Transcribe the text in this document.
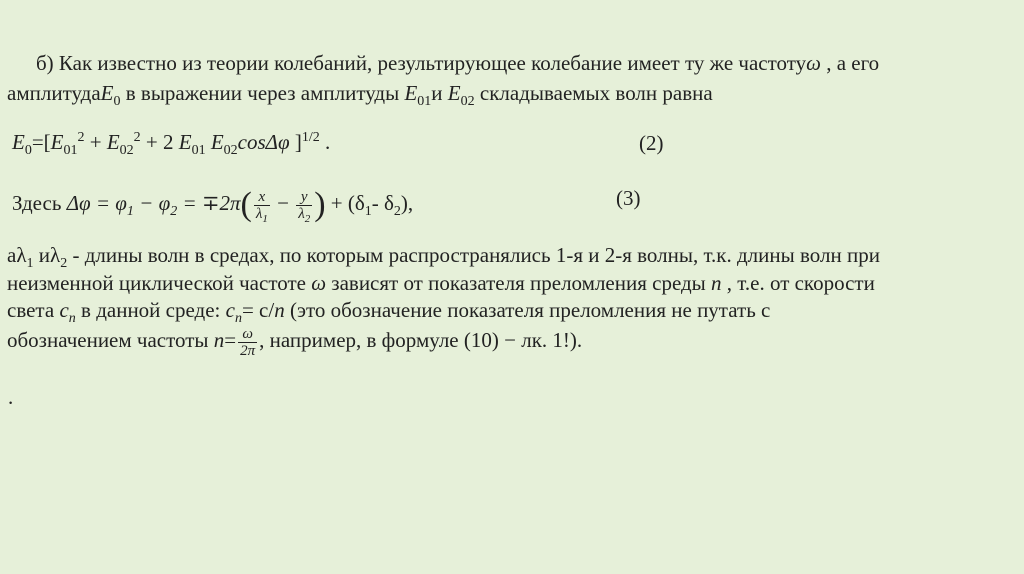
б) Как известно из теории колебаний, результирующее колебание имеет ту же частотуω , а его
амплитудаE$_0$ в выражении через амплитуды $E_{01}и$ $E_{02}$ складываемых волн равна
$E_0=[E_{01}^2 + E_{02}^2 + 2$ $E_{01}$ $E_{02}\cos\Delta\varphi$ ]$^{1/2}$ .	(2)
Здесь $\Delta\varphi = \varphi_1 - \varphi_2 = \mp 2\pi( \frac{x}{\lambda_1} - \frac{y}{\lambda_2}$ ) + ($\delta_1-$ $\delta_2$),	(3)
$а\lambda_1$ $и\lambda_2$ - длины волн в средах, по которым распространялись 1-я и 2-я волны, т.к. длины волн при
неизменной циклической частоте ω зависят от показателя преломления среды n , т.е. от скорости
света $c_n$ в данной среде: $c_n= c/n$ (это обозначение показателя преломления не путать с
обозначением частоты $n= \frac{\omega}{2\pi}$ , например, в формуле (10) − лк. 1!).
.
